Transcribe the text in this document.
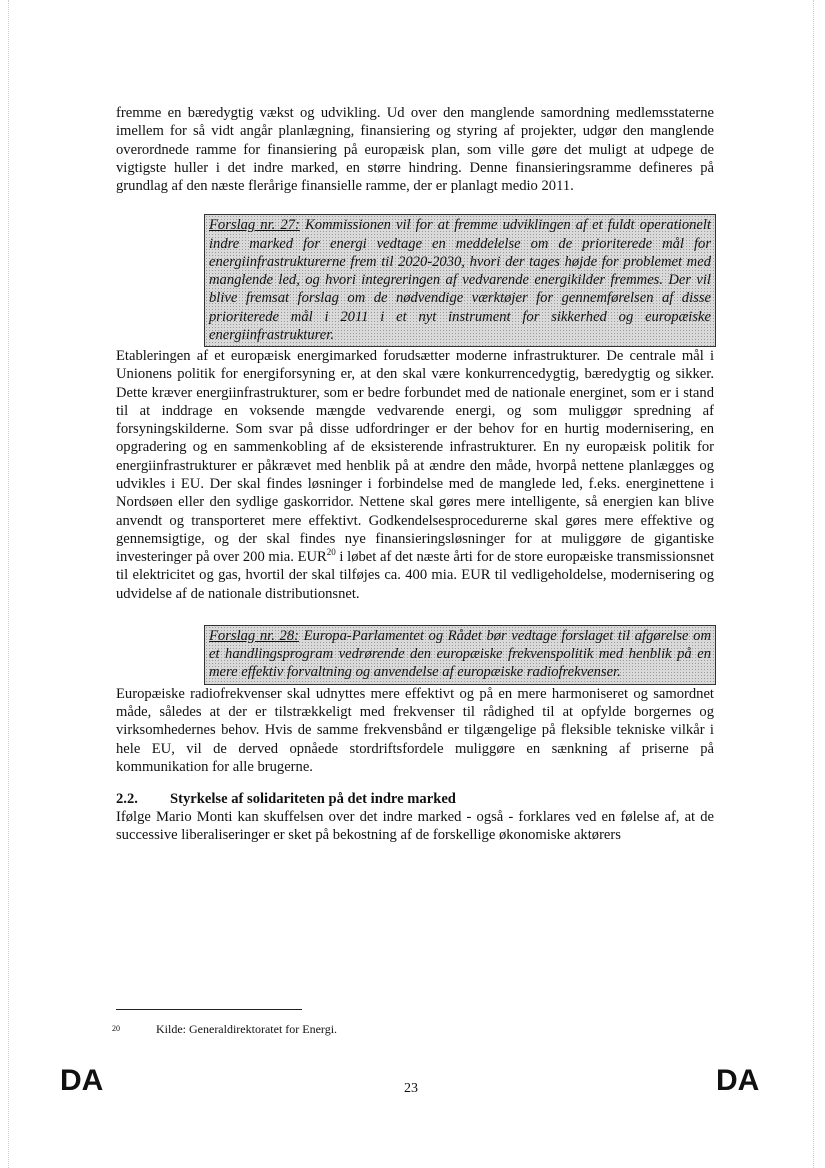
fremme en bæredygtig vækst og udvikling. Ud over den manglende samordning medlemsstaterne imellem for så vidt angår planlægning, finansiering og styring af projekter, udgør den manglende overordnede ramme for finansiering på europæisk plan, som ville gøre det muligt at udpege de vigtigste huller i det indre marked, en større hindring. Denne finansieringsramme defineres på grundlag af den næste flerårige finansielle ramme, der er planlagt medio 2011.

Forslag nr. 27: Kommissionen vil for at fremme udviklingen af et fuldt operationelt indre marked for energi vedtage en meddelelse om de prioriterede mål for energiinfrastrukturerne frem til 2020-2030, hvori der tages højde for problemet med manglende led, og hvori integreringen af vedvarende energikilder fremmes. Der vil blive fremsat forslag om de nødvendige værktøjer for gennemførelsen af disse prioriterede mål i 2011 i et nyt instrument for sikkerhed og europæiske energiinfrastrukturer.

Etableringen af et europæisk energimarked forudsætter moderne infrastrukturer. De centrale mål i Unionens politik for energiforsyning er, at den skal være konkurrencedygtig, bæredygtig og sikker. Dette kræver energiinfrastrukturer, som er bedre forbundet med de nationale energinet, som er i stand til at inddrage en voksende mængde vedvarende energi, og som muliggør spredning af forsyningskilderne. Som svar på disse udfordringer er der behov for en hurtig modernisering, en opgradering og en sammenkobling af de eksisterende infrastrukturer. En ny europæisk politik for energiinfrastrukturer er påkrævet med henblik på at ændre den måde, hvorpå nettene planlægges og udvikles i EU. Der skal findes løsninger i forbindelse med de manglede led, f.eks. energinettene i Nordsøen eller den sydlige gaskorridor. Nettene skal gøres mere intelligente, så energien kan blive anvendt og transporteret mere effektivt. Godkendelsesprocedurerne skal gøres mere effektive og gennemsigtige, og der skal findes nye finansieringsløsninger for at muliggøre de gigantiske investeringer på over 200 mia. EUR$^{20}$ i løbet af det næste årti for de store europæiske transmissionsnet til elektricitet og gas, hvortil der skal tilføjes ca. 400 mia. EUR til vedligeholdelse, modernisering og udvidelse af de nationale distributionsnet.

Forslag nr. 28: Europa-Parlamentet og Rådet bør vedtage forslaget til afgørelse om et handlingsprogram vedrørende den europæiske frekvenspolitik med henblik på en mere effektiv forvaltning og anvendelse af europæiske radiofrekvenser.

Europæiske radiofrekvenser skal udnyttes mere effektivt og på en mere harmoniseret og samordnet måde, således at der er tilstrækkeligt med frekvenser til rådighed til at opfylde borgernes og virksomhedernes behov. Hvis de samme frekvensbånd er tilgængelige på fleksible tekniske vilkår i hele EU, vil de derved opnåede stordriftsfordele muliggøre en sænkning af priserne på kommunikation for alle brugerne.

2.2. Styrkelse af solidariteten på det indre marked

Ifølge Mario Monti kan skuffelsen over det indre marked - også - forklares ved en følelse af, at de successive liberaliseringer er sket på bekostning af de forskellige økonomiske aktørers

20	Kilde: Generaldirektoratet for Energi.
DA	23	DA
